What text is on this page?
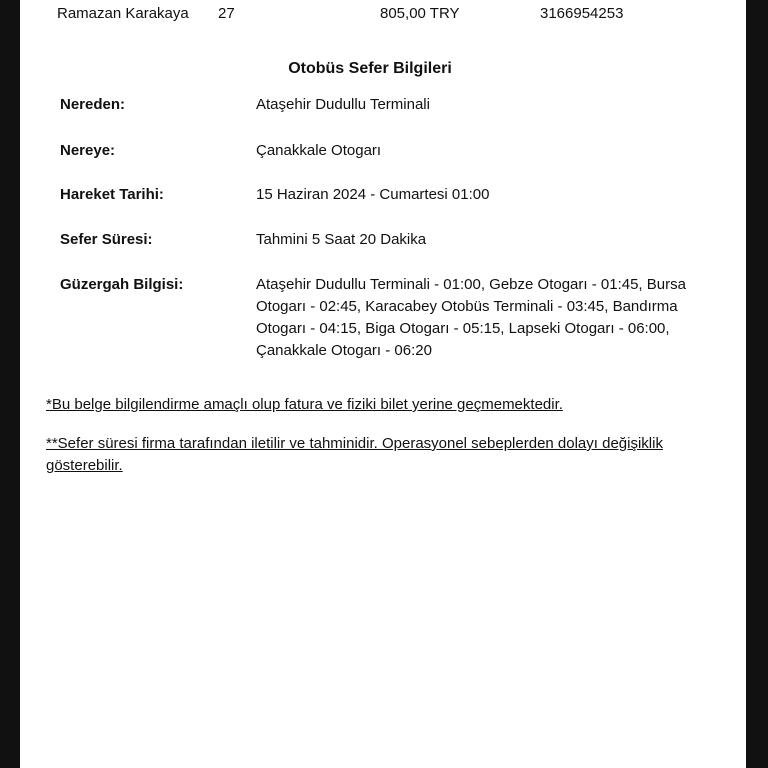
Ramazan Karakaya 27	805,00 TRY	3166954253
Otobüs Sefer Bilgileri
Nereden:	Ataşehir Dudullu Terminali
Nereye:	Çanakkale Otogarı
Hareket Tarihi:	15 Haziran 2024 - Cumartesi 01:00
Sefer Süresi:	Tahmini 5 Saat 20 Dakika
Güzergah Bilgisi:	Ataşehir Dudullu Terminali - 01:00, Gebze Otogarı - 01:45, Bursa Otogarı - 02:45, Karacabey Otobüs Terminali - 03:45, Bandırma Otogarı - 04:15, Biga Otogarı - 05:15, Lapseki Otogarı - 06:00, Çanakkale Otogarı - 06:20
*Bu belge bilgilendirme amaçlı olup fatura ve fiziki bilet yerine geçmemektedir.
**Sefer süresi firma tarafından iletilir ve tahminidir. Operasyonel sebeplerden dolayı değişiklik gösterebilir.
